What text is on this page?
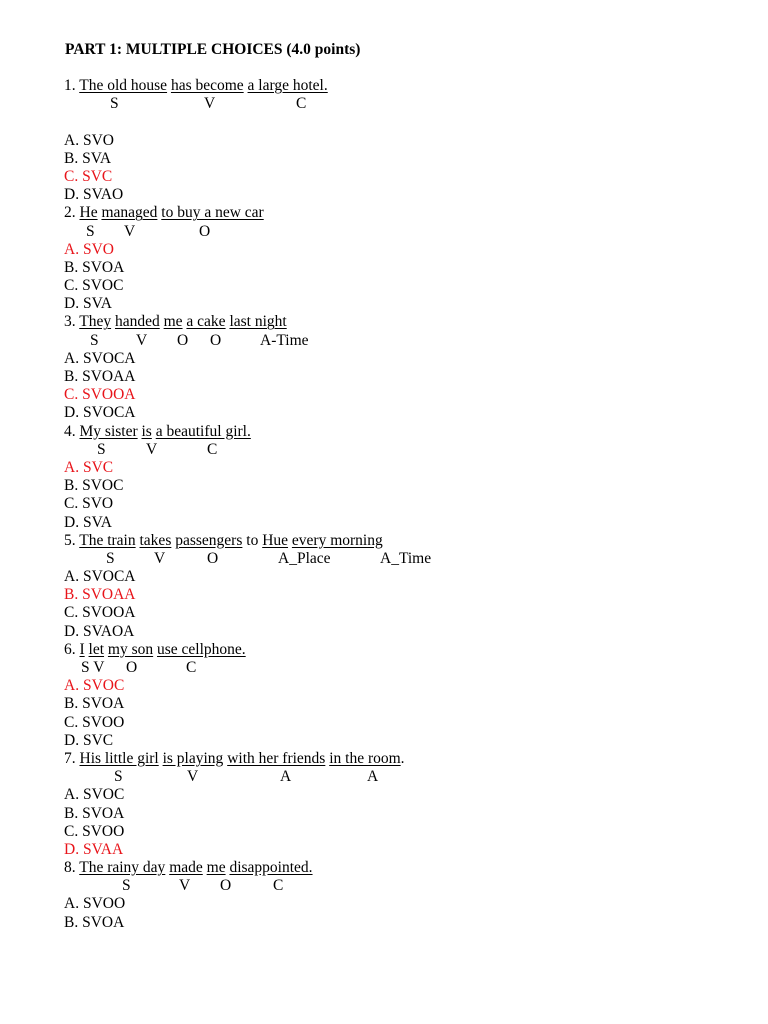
PART 1: MULTIPLE CHOICES (4.0 points)
1. The old house has become a large hotel.
S	V	C
A. SVO
B. SVA
C. SVC
D. SVAO
2. He managed to buy a new car
S V	O
A. SVO
B. SVOA
C. SVOC
D. SVA
3. They handed me a cake last night
S V O O	A-Time
A. SVOCA
B. SVOAA
C. SVOOA
D. SVOCA
4. My sister is a beautiful girl.
S	V	C
A. SVC
B. SVOC
C. SVO
D. SVA
5. The train takes passengers to Hue every morning
S	V	O	A_Place	A_Time
A. SVOCA
B. SVOAA
C. SVOOA
D. SVAOA
6. I let my son use cellphone.
S V O	C
A. SVOC
B. SVOA
C. SVOO
D. SVC
7. His little girl is playing with her friends in the room.
S	V	A	A
A. SVOC
B. SVOA
C. SVOO
D. SVAA
8. The rainy day made me disappointed.
S	V O	C
A. SVOO
B. SVOA
